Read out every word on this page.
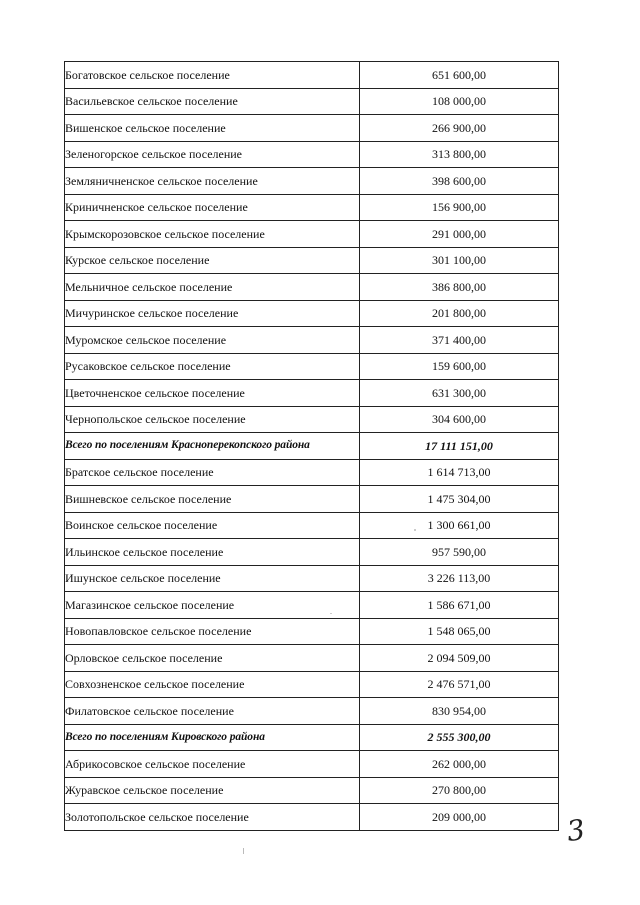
Богатовское сельское поселение	651 600,00
Васильевское сельское поселение	108 000,00
Вишенское сельское поселение	266 900,00
Зеленогорское сельское поселение	313 800,00
Земляничненское сельское поселение	398 600,00
Криничненское сельское поселение	156 900,00
Крымскорозовское сельское поселение	291 000,00
Курское сельское поселение	301 100,00
Мельничное сельское поселение	386 800,00
Мичуринское сельское поселение	201 800,00
Муромское сельское поселение	371 400,00
Русаковское сельское поселение	159 600,00
Цветочненское сельское поселение	631 300,00
Чернопольское сельское поселение	304 600,00
Всего по поселениям Красноперекопского района	17 111 151,00
Братское сельское поселение	1 614 713,00
Вишневское сельское поселение	1 475 304,00
Воинское сельское поселение	1 300 661,00
Ильинское сельское поселение	957 590,00
Ишунское сельское поселение	3 226 113,00
Магазинское сельское поселение	1 586 671,00
Новопавловское сельское поселение	1 548 065,00
Орловское сельское поселение	2 094 509,00
Совхозненское сельское поселение	2 476 571,00
Филатовское сельское поселение	830 954,00
Всего по поселениям Кировского района	2 555 300,00
Абрикосовское сельское поселение	262 000,00
Журавское сельское поселение	270 800,00
Золотопольское сельское поселение	209 000,00	3
